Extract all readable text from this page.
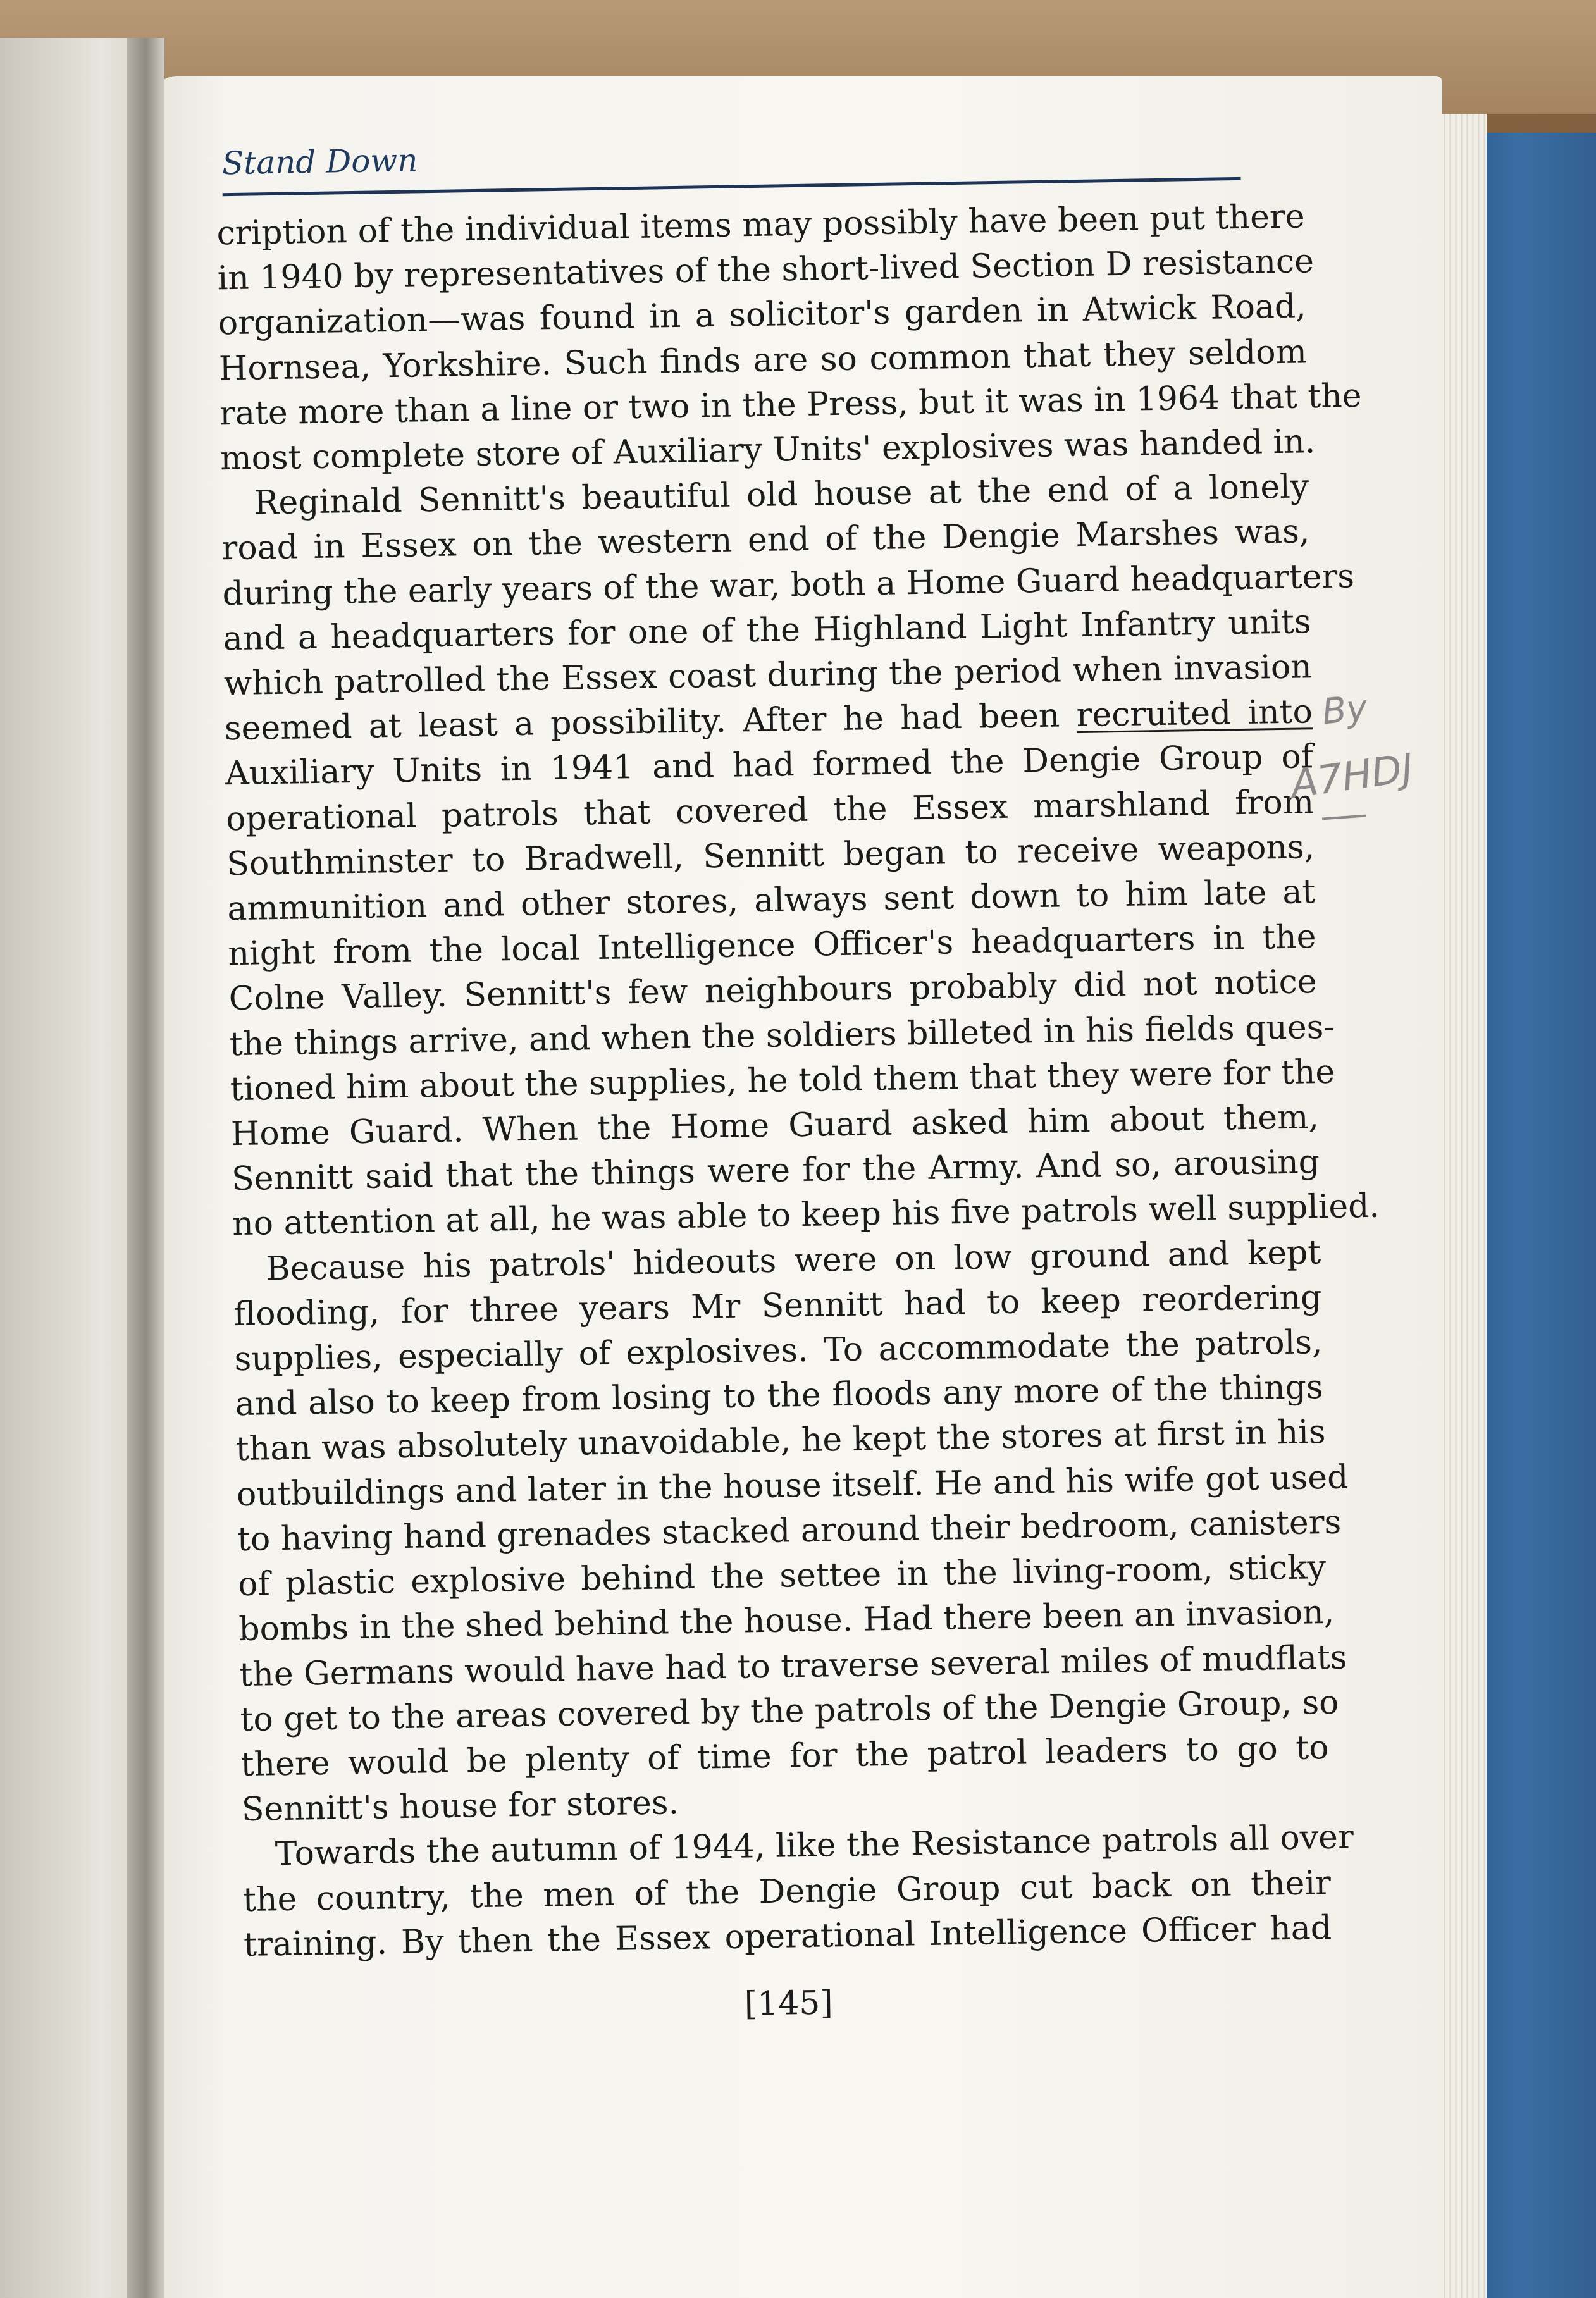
Stand Down
cription of the individual items may possibly have been put there
in 1940 by representatives of the short-lived Section D resistance
organization—was found in a solicitor's garden in Atwick Road,
Hornsea, Yorkshire. Such finds are so common that they seldom
rate more than a line or two in the Press, but it was in 1964 that the
most complete store of Auxiliary Units' explosives was handed in.
 Reginald Sennitt's beautiful old house at the end of a lonely
road in Essex on the western end of the Dengie Marshes was,
during the early years of the war, both a Home Guard headquarters
and a headquarters for one of the Highland Light Infantry units
which patrolled the Essex coast during the period when invasion
seemed at least a possibility. After he had been recruited into
Auxiliary Units in 1941 and had formed the Dengie Group of
operational patrols that covered the Essex marshland from
Southminster to Bradwell, Sennitt began to receive weapons,
ammunition and other stores, always sent down to him late at
night from the local Intelligence Officer's headquarters in the
Colne Valley. Sennitt's few neighbours probably did not notice
the things arrive, and when the soldiers billeted in his fields ques-
tioned him about the supplies, he told them that they were for the
Home Guard. When the Home Guard asked him about them,
Sennitt said that the things were for the Army. And so, arousing
no attention at all, he was able to keep his five patrols well supplied.
 Because his patrols' hideouts were on low ground and kept
flooding, for three years Mr Sennitt had to keep reordering
supplies, especially of explosives. To accommodate the patrols,
and also to keep from losing to the floods any more of the things
than was absolutely unavoidable, he kept the stores at first in his
outbuildings and later in the house itself. He and his wife got used
to having hand grenades stacked around their bedroom, canisters
of plastic explosive behind the settee in the living-room, sticky
bombs in the shed behind the house. Had there been an invasion,
the Germans would have had to traverse several miles of mudflats
to get to the areas covered by the patrols of the Dengie Group, so
there would be plenty of time for the patrol leaders to go to
Sennitt's house for stores.
 Towards the autumn of 1944, like the Resistance patrols all over
the country, the men of the Dengie Group cut back on their
training. By then the Essex operational Intelligence Officer had
[145]
By
A7HDJ
